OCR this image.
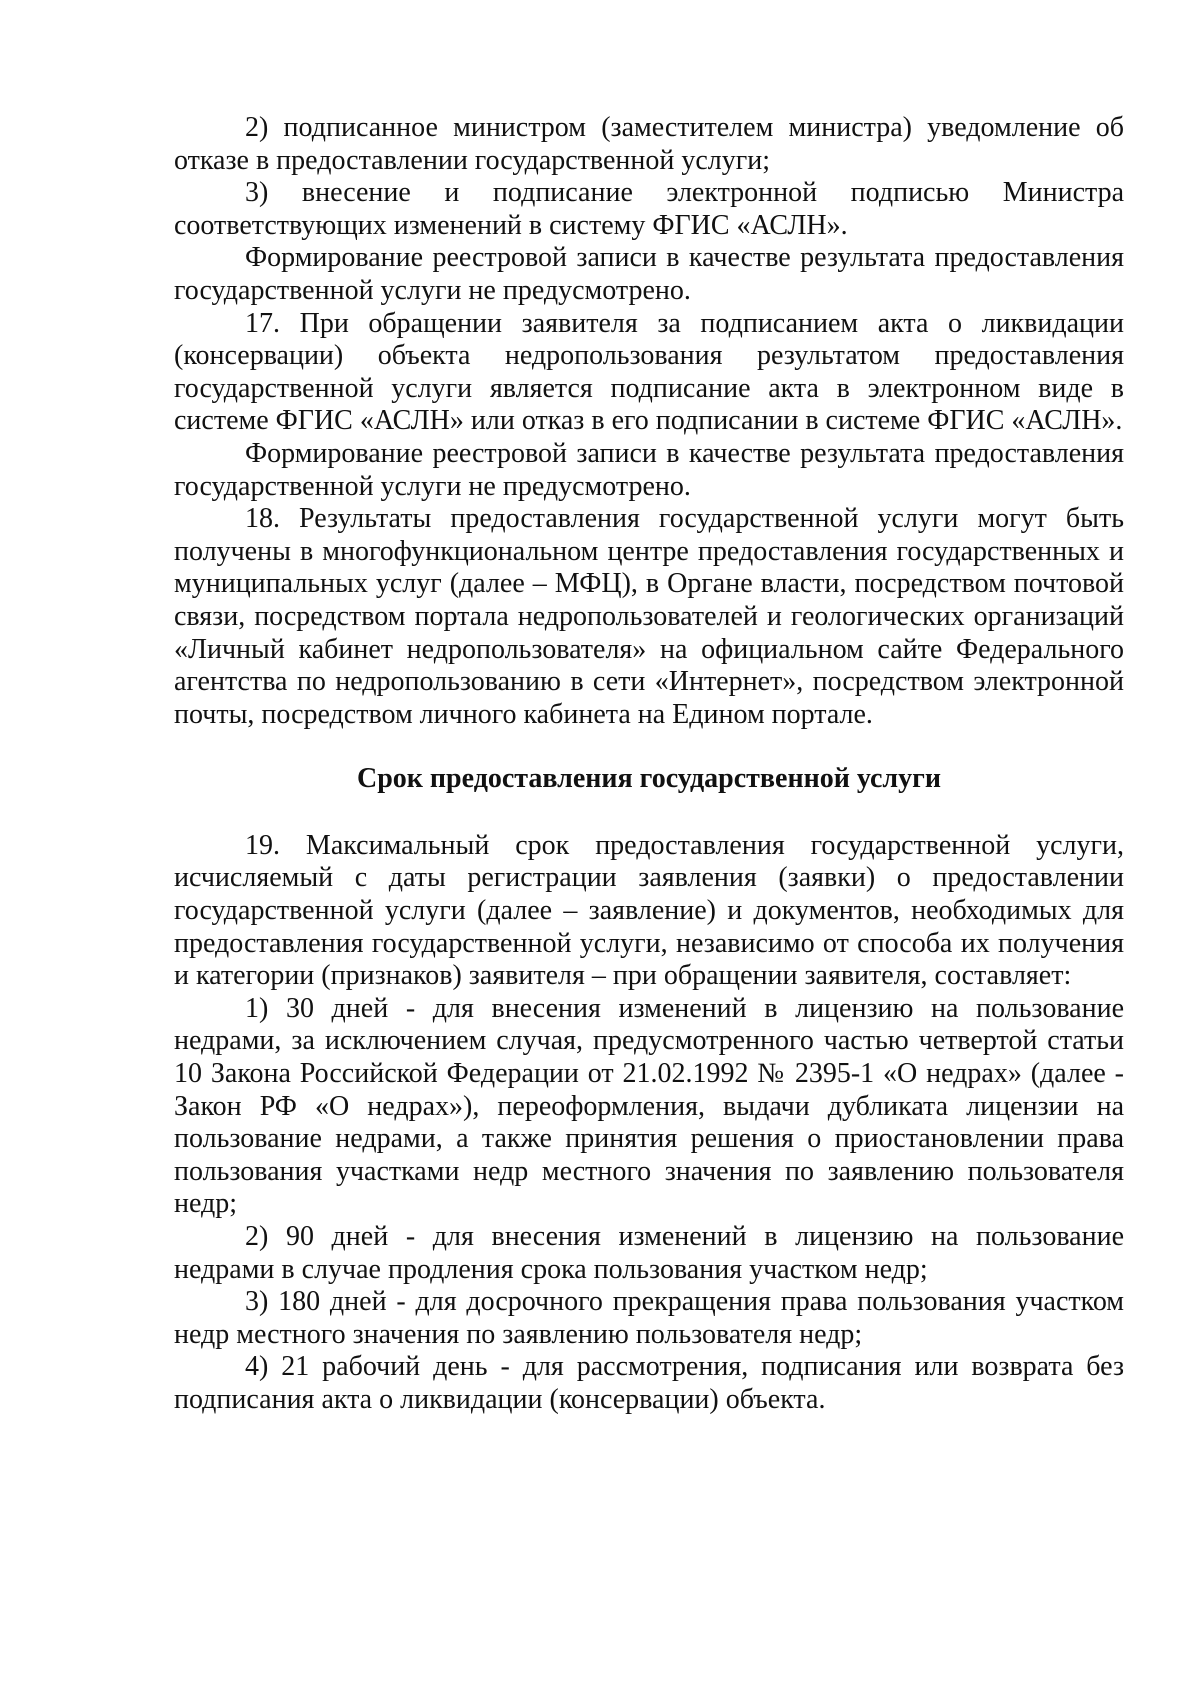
2) подписанное министром (заместителем министра) уведомление об отказе в предоставлении государственной услуги;

3) внесение и подписание электронной подписью Министра соответствующих изменений в систему ФГИС «АСЛН».

Формирование реестровой записи в качестве результата предоставления государственной услуги не предусмотрено.

17. При обращении заявителя за подписанием акта о ликвидации (консервации) объекта недропользования результатом предоставления государственной услуги является подписание акта в электронном виде в системе ФГИС «АСЛН» или отказ в его подписании в системе ФГИС «АСЛН».

Формирование реестровой записи в качестве результата предоставления государственной услуги не предусмотрено.

18. Результаты предоставления государственной услуги могут быть получены в многофункциональном центре предоставления государственных и муниципальных услуг (далее – МФЦ), в Органе власти, посредством почтовой связи, посредством портала недропользователей и геологических организаций «Личный кабинет недропользователя» на официальном сайте Федерального агентства по недропользованию в сети «Интернет», посредством электронной почты, посредством личного кабинета на Едином портале.

Срок предоставления государственной услуги

19. Максимальный срок предоставления государственной услуги, исчисляемый с даты регистрации заявления (заявки) о предоставлении государственной услуги (далее – заявление) и документов, необходимых для предоставления государственной услуги, независимо от способа их получения и категории (признаков) заявителя – при обращении заявителя, составляет:

1) 30 дней - для внесения изменений в лицензию на пользование недрами, за исключением случая, предусмотренного частью четвертой статьи 10 Закона Российской Федерации от 21.02.1992 № 2395-1 «О недрах» (далее - Закон РФ «О недрах»), переоформления, выдачи дубликата лицензии на пользование недрами, а также принятия решения о приостановлении права пользования участками недр местного значения по заявлению пользователя недр;

2) 90 дней - для внесения изменений в лицензию на пользование недрами в случае продления срока пользования участком недр;

3) 180 дней - для досрочного прекращения права пользования участком недр местного значения по заявлению пользователя недр;

4) 21 рабочий день - для рассмотрения, подписания или возврата без подписания акта о ликвидации (консервации) объекта.
